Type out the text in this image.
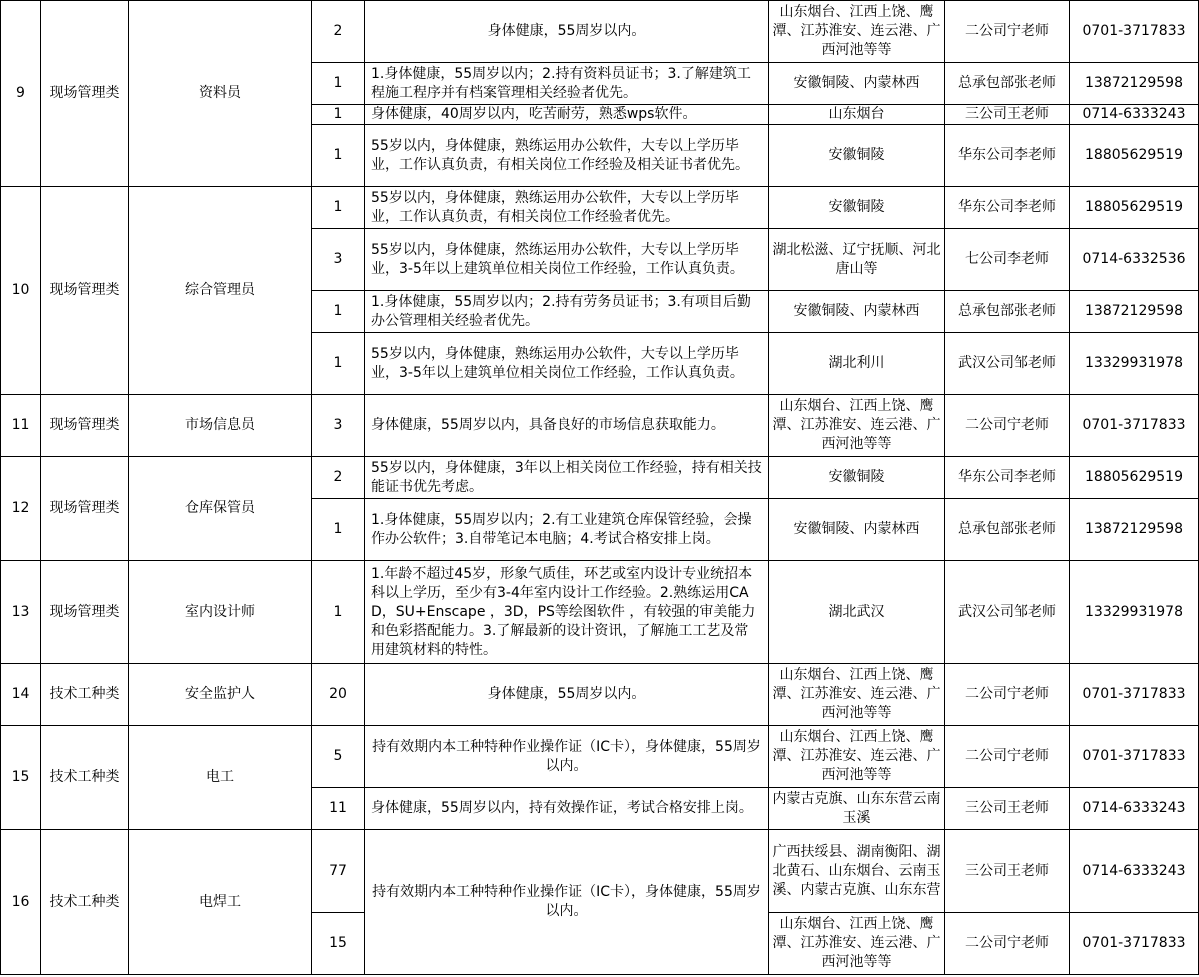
9	现场管理类	资料员	2	身体健康，55周岁以内。	山东烟台、江西上饶、鹰潭、江苏淮安、连云港、广西河池等等	二公司宁老师	0701-3717833
			1	1.身体健康，55周岁以内；2.持有资料员证书；3.了解建筑工程施工程序并有档案管理相关经验者优先。	安徽铜陵、内蒙林西	总承包部张老师	13872129598
			1	身体健康，40周岁以内，吃苦耐劳，熟悉wps软件。	山东烟台	三公司王老师	0714-6333243
			1	55岁以内，身体健康，熟练运用办公软件，大专以上学历毕业，工作认真负责，有相关岗位工作经验及相关证书者优先。	安徽铜陵	华东公司李老师	18805629519
10	现场管理类	综合管理员	1	55岁以内，身体健康，熟练运用办公软件，大专以上学历毕业，工作认真负责，有相关岗位工作经验者优先。	安徽铜陵	华东公司李老师	18805629519
			3	55岁以内，身体健康，然练运用办公软件，大专以上学历毕业，3-5年以上建筑单位相关岗位工作经验，工作认真负责。	湖北松滋、辽宁抚顺、河北唐山等	七公司李老师	0714-6332536
			1	1.身体健康，55周岁以内；2.持有劳务员证书；3.有项目后勤办公管理相关经验者优先。	安徽铜陵、内蒙林西	总承包部张老师	13872129598
			1	55岁以内，身体健康，熟练运用办公软件，大专以上学历毕业，3-5年以上建筑单位相关岗位工作经验，工作认真负责。	湖北利川	武汉公司邹老师	13329931978
11	现场管理类	市场信息员	3	身体健康，55周岁以内，具备良好的市场信息获取能力。	山东烟台、江西上饶、鹰潭、江苏淮安、连云港、广西河池等等	二公司宁老师	0701-3717833
12	现场管理类	仓库保管员	2	55岁以内，身体健康，3年以上相关岗位工作经验，持有相关技能证书优先考虑。	安徽铜陵	华东公司李老师	18805629519
			1	1.身体健康，55周岁以内；2.有工业建筑仓库保管经验，会操作办公软件；3.自带笔记本电脑；4.考试合格安排上岗。	安徽铜陵、内蒙林西	总承包部张老师	13872129598
13	现场管理类	室内设计师	1	1.年龄不超过45岁，形象气质佳，环艺或室内设计专业统招本科以上学历，至少有3-4年室内设计工作经验。2.熟练运用CAD，SU+Enscape ，3D，PS等绘图软件 ，有较强的审美能力和色彩搭配能力。3.了解最新的设计资讯，了解施工工艺及常用建筑材料的特性。	湖北武汉	武汉公司邹老师	13329931978
14	技术工种类	安全监护人	20	身体健康，55周岁以内。	山东烟台、江西上饶、鹰潭、江苏淮安、连云港、广西河池等等	二公司宁老师	0701-3717833
15	技术工种类	电工	5	持有效期内本工种特种作业操作证（IC卡），身体健康，55周岁以内。	山东烟台、江西上饶、鹰潭、江苏淮安、连云港、广西河池等等	二公司宁老师	0701-3717833
			11	身体健康，55周岁以内，持有效操作证，考试合格安排上岗。	内蒙古克旗、山东东营云南玉溪	三公司王老师	0714-6333243
16	技术工种类	电焊工	77	持有效期内本工种特种作业操作证（IC卡），身体健康，55周岁以内。	广西扶绥县、湖南衡阳、湖北黄石、山东烟台、云南玉溪、内蒙古克旗、山东东营	三公司王老师	0714-6333243
			15		山东烟台、江西上饶、鹰潭、江苏淮安、连云港、广西河池等等	二公司宁老师	0701-3717833
